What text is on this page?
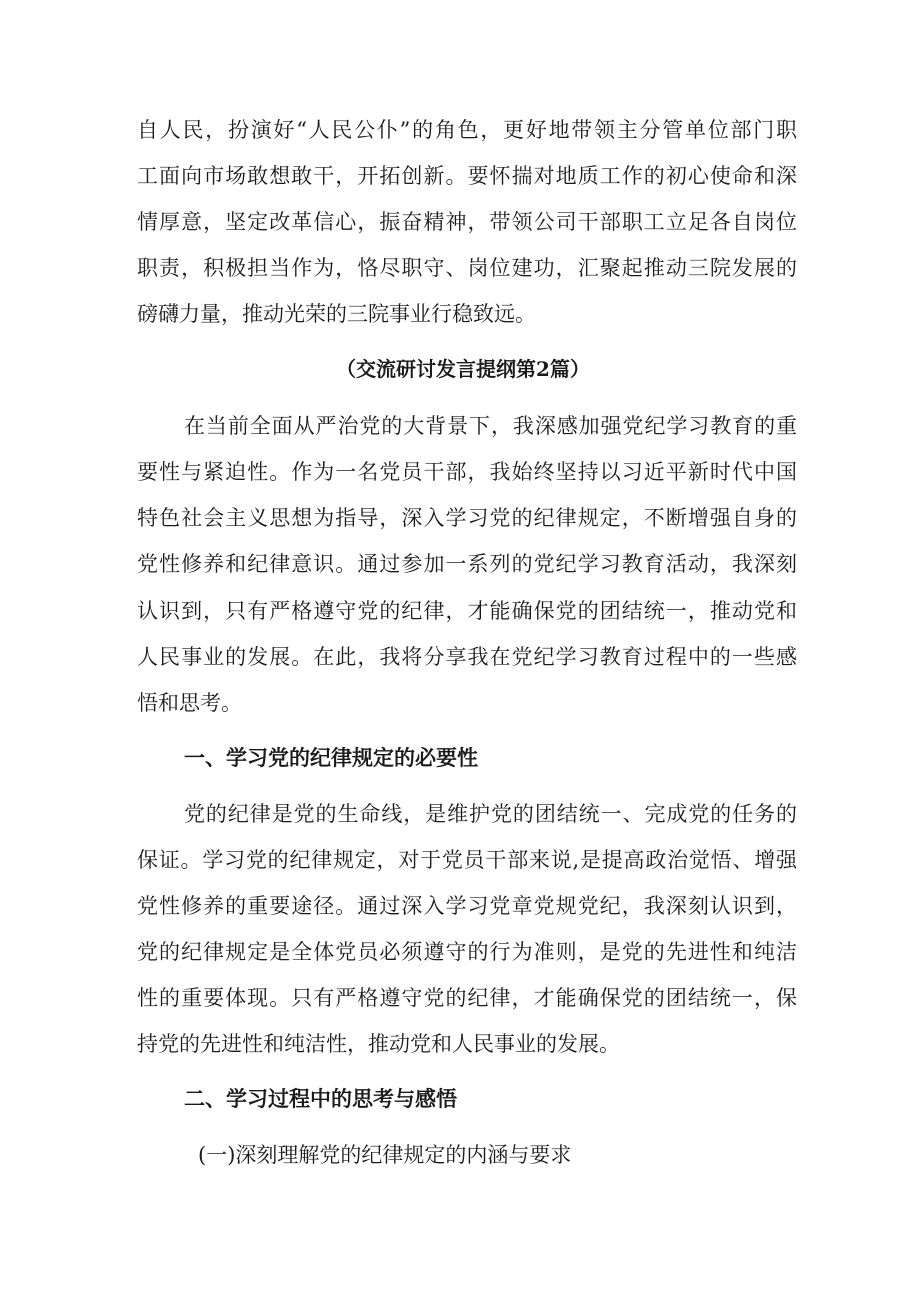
自人民，扮演好“人民公仆”的角色，更好地带领主分管单位部门职
工面向市场敢想敢干，开拓创新。要怀揣对地质工作的初心使命和深
情厚意，坚定改革信心，振奋精神，带领公司干部职工立足各自岗位
职责，积极担当作为，恪尽职守、岗位建功，汇聚起推动三院发展的
磅礴力量，推动光荣的三院事业行稳致远。
（交流研讨发言提纲第2篇）
在当前全面从严治党的大背景下，我深感加强党纪学习教育的重
要性与紧迫性。作为一名党员干部，我始终坚持以习近平新时代中国
特色社会主义思想为指导，深入学习党的纪律规定，不断增强自身的
党性修养和纪律意识。通过参加一系列的党纪学习教育活动，我深刻
认识到，只有严格遵守党的纪律，才能确保党的团结统一，推动党和
人民事业的发展。在此，我将分享我在党纪学习教育过程中的一些感
悟和思考。
一、学习党的纪律规定的必要性
党的纪律是党的生命线，是维护党的团结统一、完成党的任务的
保证。学习党的纪律规定，对于党员干部来说,是提高政治觉悟、增强
党性修养的重要途径。通过深入学习党章党规党纪，我深刻认识到，
党的纪律规定是全体党员必须遵守的行为准则，是党的先进性和纯洁
性的重要体现。只有严格遵守党的纪律，才能确保党的团结统一，保
持党的先进性和纯洁性，推动党和人民事业的发展。
二、学习过程中的思考与感悟
(一)深刻理解党的纪律规定的内涵与要求
